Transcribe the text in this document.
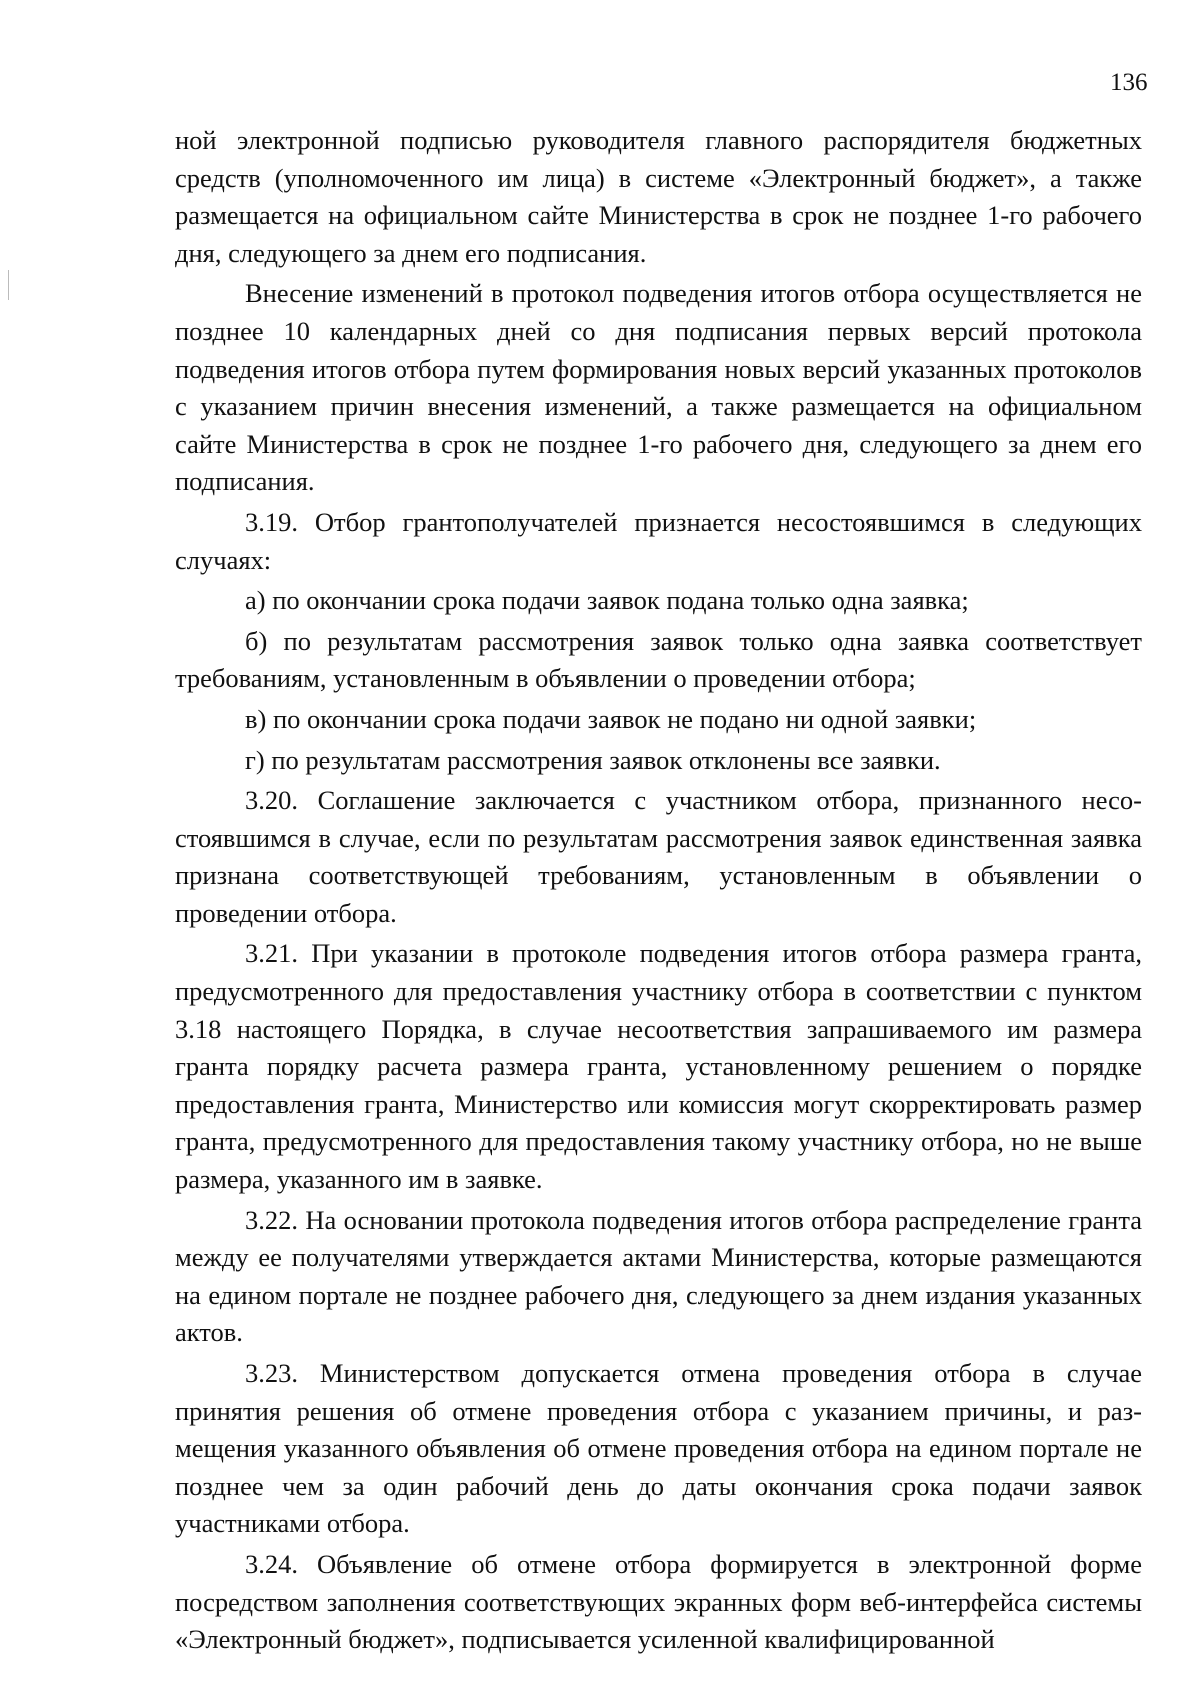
136

ной электронной подписью руководителя главного распорядителя бюджетных средств (уполномоченного им лица) в системе «Электронный бюджет», а также размещается на официальном сайте Министерства в срок не позднее 1-го рабочего дня, следующего за днем его подписания.

Внесение изменений в протокол подведения итогов отбора осуществляется не позднее 10 календарных дней со дня подписания первых версий протокола подведения итогов отбора путем формирования новых версий указанных протоколов с указанием причин внесения изменений, а также размещается на официальном сайте Министерства в срок не позднее 1-го рабочего дня, следующего за днем его подписания.

3.19. Отбор грантополучателей признается несостоявшимся в следующих случаях:

а) по окончании срока подачи заявок подана только одна заявка;

б) по результатам рассмотрения заявок только одна заявка соответствует требованиям, установленным в объявлении о проведении отбора;

в) по окончании срока подачи заявок не подано ни одной заявки;

г) по результатам рассмотрения заявок отклонены все заявки.

3.20. Соглашение заключается с участником отбора, признанного несостоявшимся в случае, если по результатам рассмотрения заявок единственная заявка признана соответствующей требованиям, установленным в объявлении о проведении отбора.

3.21. При указании в протоколе подведения итогов отбора размера гранта, предусмотренного для предоставления участнику отбора в соответствии с пунктом 3.18 настоящего Порядка, в случае несоответствия запрашиваемого им размера гранта порядку расчета размера гранта, установленному решением о порядке предоставления гранта, Министерство или комиссия могут скорректировать размер гранта, предусмотренного для предоставления такому участнику отбора, но не выше размера, указанного им в заявке.

3.22. На основании протокола подведения итогов отбора распределение гранта между ее получателями утверждается актами Министерства, которые размещаются на едином портале не позднее рабочего дня, следующего за днем издания указанных актов.

3.23. Министерством допускается отмена проведения отбора в случае принятия решения об отмене проведения отбора с указанием причины, и размещения указанного объявления об отмене проведения отбора на едином портале не позднее чем за один рабочий день до даты окончания срока подачи заявок участниками отбора.

3.24. Объявление об отмене отбора формируется в электронной форме посредством заполнения соответствующих экранных форм веб-интерфейса системы «Электронный бюджет», подписывается усиленной квалифицированной
